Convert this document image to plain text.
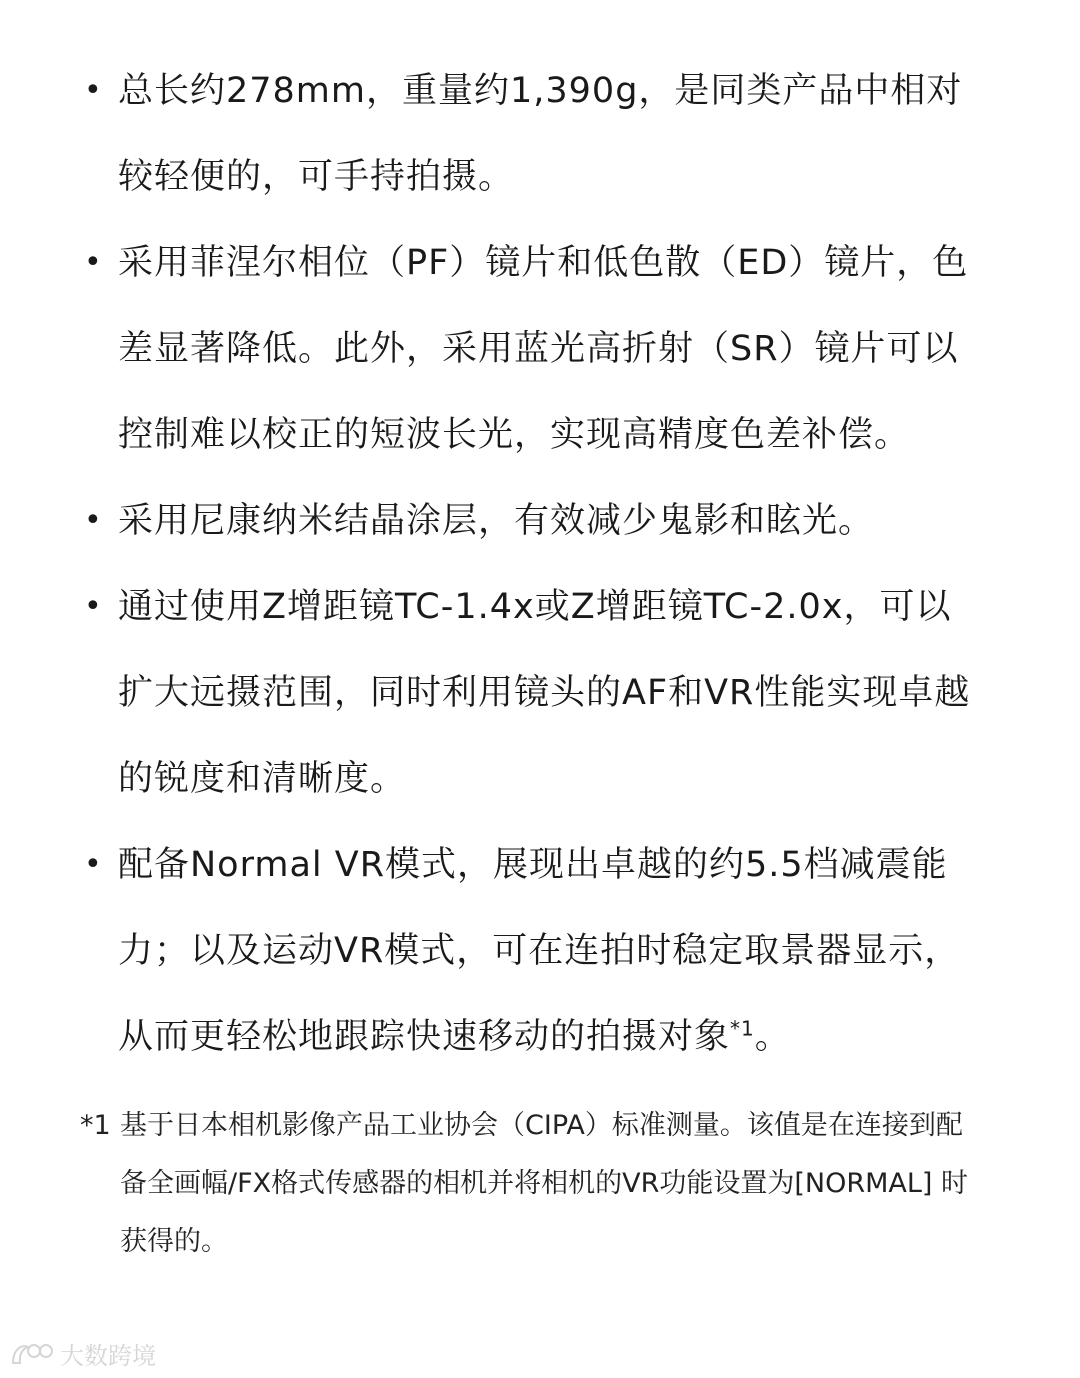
• 总长约278mm，重量约1,390g，是同类产品中相对较轻便的，可手持拍摄。
• 采用菲涅尔相位（PF）镜片和低色散（ED）镜片，色差显著降低。此外，采用蓝光高折射（SR）镜片可以控制难以校正的短波长光，实现高精度色差补偿。
• 采用尼康纳米结晶涂层，有效减少鬼影和眩光。
• 通过使用Z增距镜TC-1.4x或Z增距镜TC-2.0x，可以扩大远摄范围，同时利用镜头的AF和VR性能实现卓越的锐度和清晰度。
• 配备Normal VR模式，展现出卓越的约5.5档减震能力；以及运动VR模式，可在连拍时稳定取景器显示，从而更轻松地跟踪快速移动的拍摄对象$^{*1}$。
*1 基于日本相机影像产品工业协会（CIPA）标准测量。该值是在连接到配备全画幅/FX格式传感器的相机并将相机的VR功能设置为[NORMAL] 时获得的。
大数跨境
